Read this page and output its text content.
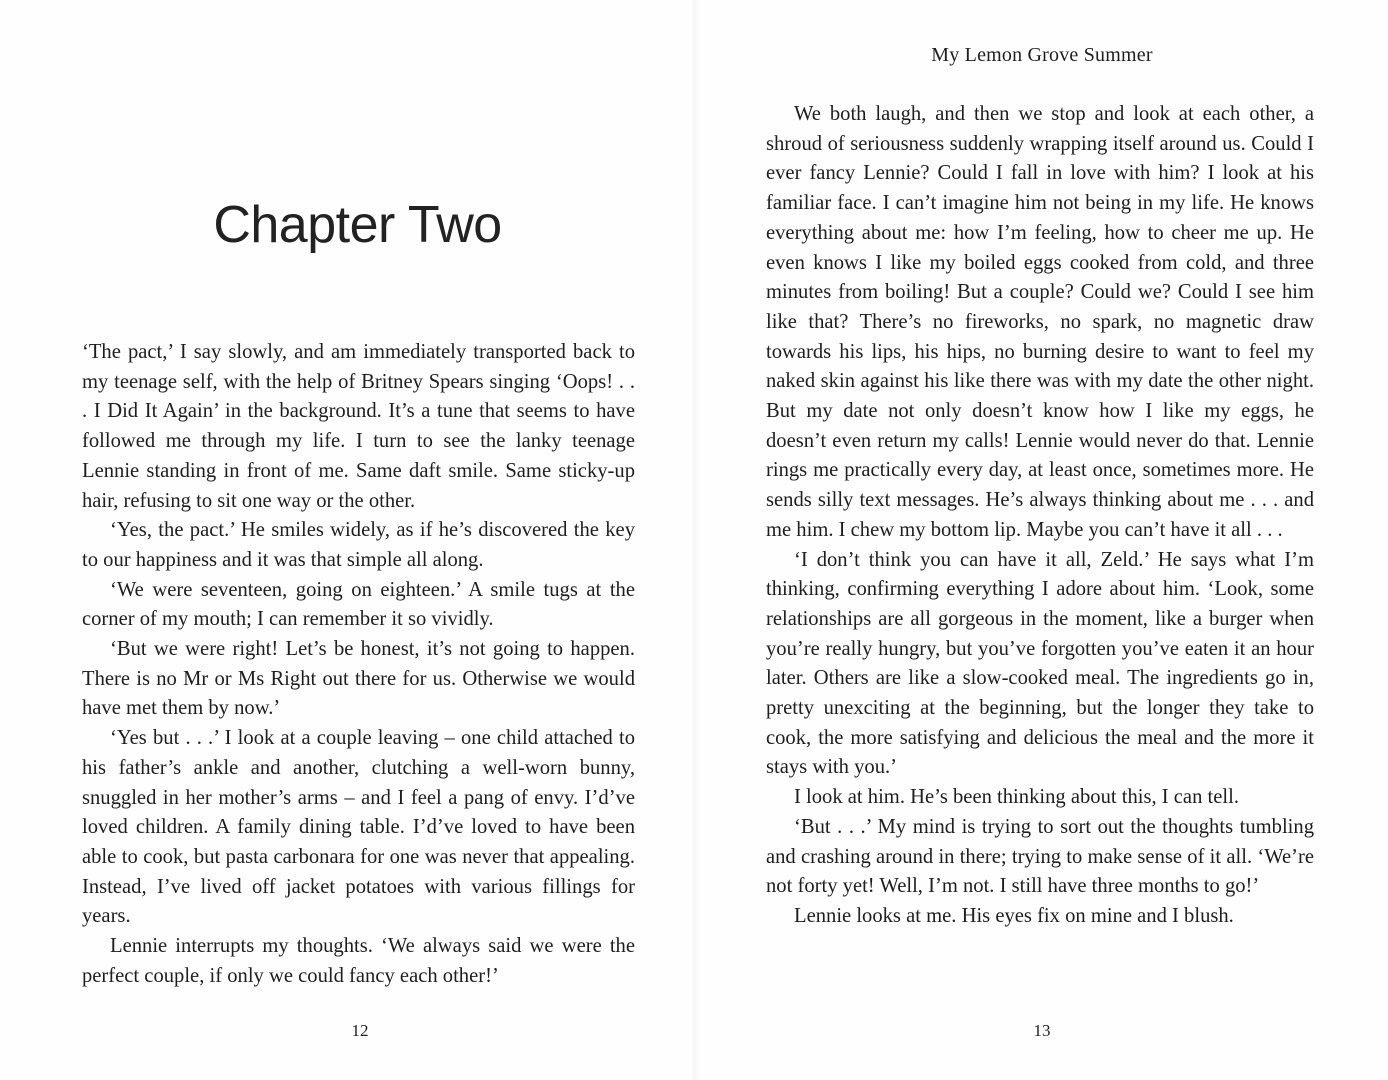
Chapter Two

‘The pact,’ I say slowly, and am immediately transported back to my teenage self, with the help of Britney Spears singing ‘Oops! . . . I Did It Again’ in the background. It’s a tune that seems to have followed me through my life. I turn to see the lanky teenage Lennie standing in front of me. Same daft smile. Same sticky-up hair, refusing to sit one way or the other.

‘Yes, the pact.’ He smiles widely, as if he’s discovered the key to our happiness and it was that simple all along.

‘We were seventeen, going on eighteen.’ A smile tugs at the corner of my mouth; I can remember it so vividly.

‘But we were right! Let’s be honest, it’s not going to happen. There is no Mr or Ms Right out there for us. Otherwise we would have met them by now.’

‘Yes but . . .’ I look at a couple leaving – one child attached to his father’s ankle and another, clutching a well-worn bunny, snuggled in her mother’s arms – and I feel a pang of envy. I’d’ve loved children. A family dining table. I’d’ve loved to have been able to cook, but pasta carbonara for one was never that appealing. Instead, I’ve lived off jacket potatoes with various fillings for years.

Lennie interrupts my thoughts. ‘We always said we were the perfect couple, if only we could fancy each other!’

12
My Lemon Grove Summer

We both laugh, and then we stop and look at each other, a shroud of seriousness suddenly wrapping itself around us. Could I ever fancy Lennie? Could I fall in love with him? I look at his familiar face. I can’t imagine him not being in my life. He knows everything about me: how I’m feeling, how to cheer me up. He even knows I like my boiled eggs cooked from cold, and three minutes from boiling! But a couple? Could we? Could I see him like that? There’s no fireworks, no spark, no magnetic draw towards his lips, his hips, no burning desire to want to feel my naked skin against his like there was with my date the other night. But my date not only doesn’t know how I like my eggs, he doesn’t even return my calls! Lennie would never do that. Lennie rings me practically every day, at least once, sometimes more. He sends silly text messages. He’s always thinking about me . . . and me him. I chew my bottom lip. Maybe you can’t have it all . . .

‘I don’t think you can have it all, Zeld.’ He says what I’m thinking, confirming everything I adore about him. ‘Look, some relationships are all gorgeous in the moment, like a burger when you’re really hungry, but you’ve forgotten you’ve eaten it an hour later. Others are like a slow-cooked meal. The ingredients go in, pretty unexciting at the beginning, but the longer they take to cook, the more satisfying and delicious the meal and the more it stays with you.’

I look at him. He’s been thinking about this, I can tell.

‘But . . .’ My mind is trying to sort out the thoughts tumbling and crashing around in there; trying to make sense of it all. ‘We’re not forty yet! Well, I’m not. I still have three months to go!’

Lennie looks at me. His eyes fix on mine and I blush.

13
